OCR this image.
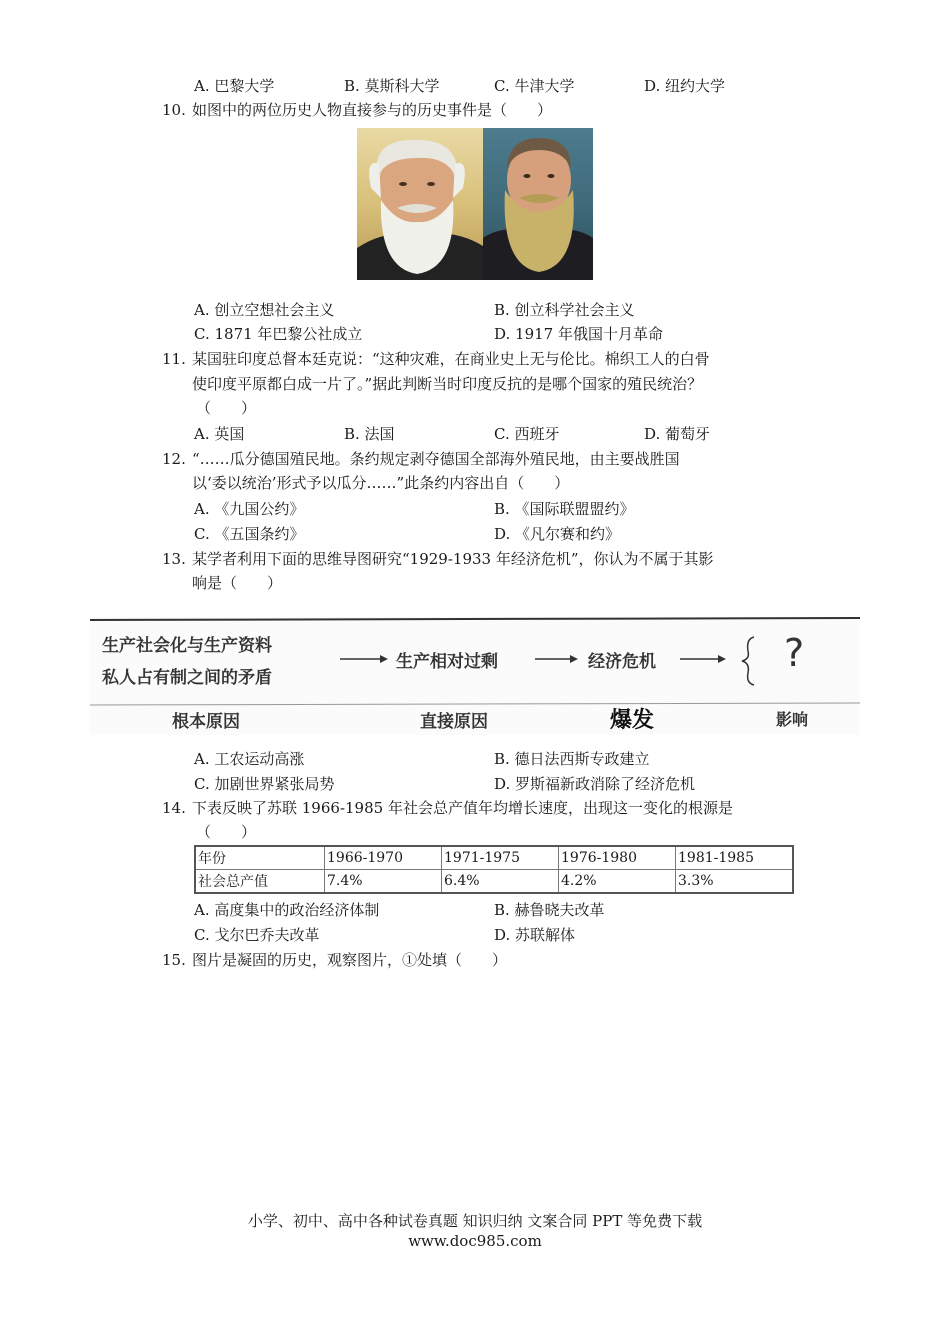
A. 巴黎大学	B. 莫斯科大学	C. 牛津大学	D. 纽约大学
10. 如图中的两位历史人物直接参与的历史事件是（　　）
A. 创立空想社会主义	B. 创立科学社会主义
C. 1871 年巴黎公社成立	D. 1917 年俄国十月革命
11. 某国驻印度总督本廷克说：“这种灾难，在商业史上无与伦比。棉织工人的白骨
使印度平原都白成一片了。”据此判断当时印度反抗的是哪个国家的殖民统治？
（　　）
A. 英国	B. 法国	C. 西班牙	D. 葡萄牙
12. “……瓜分德国殖民地。条约规定剥夺德国全部海外殖民地，由主要战胜国
以‘委以统治’形式予以瓜分……”此条约内容出自（　　）
A. 《九国公约》	B. 《国际联盟盟约》
C. 《五国条约》	D. 《凡尔赛和约》
13. 某学者利用下面的思维导图研究“1929-1933 年经济危机”，你认为不属于其影
响是（　　）
生产社会化与生产资料
私人占有制之间的矛盾
生产相对过剩	经济危机	?
根本原因	直接原因	爆发	影响
A. 工农运动高涨	B. 德日法西斯专政建立
C. 加剧世界紧张局势	D. 罗斯福新政消除了经济危机
14. 下表反映了苏联 1966-1985 年社会总产值年均增长速度，出现这一变化的根源是
（　　）
年份	1966-1970	1971-1975	1976-1980	1981-1985
社会总产值	7.4%	6.4%	4.2%	3.3%
A. 高度集中的政治经济体制	B. 赫鲁晓夫改革
C. 戈尔巴乔夫改革	D. 苏联解体
15. 图片是凝固的历史，观察图片，①处填（　　）
小学、初中、高中各种试卷真题 知识归纳 文案合同 PPT 等免费下载
www.doc985.com
